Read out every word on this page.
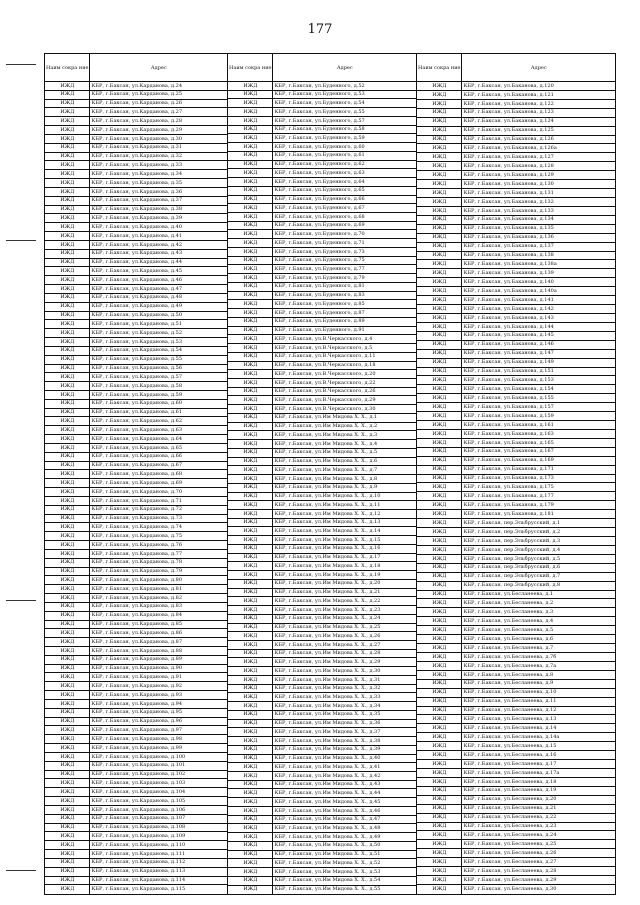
177
Наим сокра ние	Адрес
ИЖД	КБР, г.Баксан, ул.Карданова, д.24
ИЖД	КБР, г.Баксан, ул.Карданова, д.25
ИЖД	КБР, г.Баксан, ул.Карданова, д.26
ИЖД	КБР, г.Баксан, ул.Карданова, д.27
ИЖД	КБР, г.Баксан, ул.Карданова, д.28
ИЖД	КБР, г.Баксан, ул.Карданова, д.29
ИЖД	КБР, г.Баксан, ул.Карданова, д.30
ИЖД	КБР, г.Баксан, ул.Карданова, д.31
ИЖД	КБР, г.Баксан, ул.Карданова, д.32
ИЖД	КБР, г.Баксан, ул.Карданова, д.33
ИЖД	КБР, г.Баксан, ул.Карданова, д.34
ИЖД	КБР, г.Баксан, ул.Карданова, д.35
ИЖД	КБР, г.Баксан, ул.Карданова, д.36
ИЖД	КБР, г.Баксан, ул.Карданова, д.37
ИЖД	КБР, г.Баксан, ул.Карданова, д.38
ИЖД	КБР, г.Баксан, ул.Карданова, д.39
ИЖД	КБР, г.Баксан, ул.Карданова, д.40
ИЖД	КБР, г.Баксан, ул.Карданова, д.41
ИЖД	КБР, г.Баксан, ул.Карданова, д.42
ИЖД	КБР, г.Баксан, ул.Карданова, д.43
ИЖД	КБР, г.Баксан, ул.Карданова, д.44
ИЖД	КБР, г.Баксан, ул.Карданова, д.45
ИЖД	КБР, г.Баксан, ул.Карданова, д.46
ИЖД	КБР, г.Баксан, ул.Карданова, д.47
ИЖД	КБР, г.Баксан, ул.Карданова, д.48
ИЖД	КБР, г.Баксан, ул.Карданова, д.49
ИЖД	КБР, г.Баксан, ул.Карданова, д.50
ИЖД	КБР, г.Баксан, ул.Карданова, д.51
ИЖД	КБР, г.Баксан, ул.Карданова, д.52
ИЖД	КБР, г.Баксан, ул.Карданова, д.53
ИЖД	КБР, г.Баксан, ул.Карданова, д.54
ИЖД	КБР, г.Баксан, ул.Карданова, д.55
ИЖД	КБР, г.Баксан, ул.Карданова, д.56
ИЖД	КБР, г.Баксан, ул.Карданова, д.57
ИЖД	КБР, г.Баксан, ул.Карданова, д.58
ИЖД	КБР, г.Баксан, ул.Карданова, д.59
ИЖД	КБР, г.Баксан, ул.Карданова, д.60
ИЖД	КБР, г.Баксан, ул.Карданова, д.61
ИЖД	КБР, г.Баксан, ул.Карданова, д.62
ИЖД	КБР, г.Баксан, ул.Карданова, д.63
ИЖД	КБР, г.Баксан, ул.Карданова, д.64
ИЖД	КБР, г.Баксан, ул.Карданова, д.65
ИЖД	КБР, г.Баксан, ул.Карданова, д.66
ИЖД	КБР, г.Баксан, ул.Карданова, д.67
ИЖД	КБР, г.Баксан, ул.Карданова, д.68
ИЖД	КБР, г.Баксан, ул.Карданова, д.69
ИЖД	КБР, г.Баксан, ул.Карданова, д.70
ИЖД	КБР, г.Баксан, ул.Карданова, д.71
ИЖД	КБР, г.Баксан, ул.Карданова, д.72
ИЖД	КБР, г.Баксан, ул.Карданова, д.73
ИЖД	КБР, г.Баксан, ул.Карданова, д.74
ИЖД	КБР, г.Баксан, ул.Карданова, д.75
ИЖД	КБР, г.Баксан, ул.Карданова, д.76
ИЖД	КБР, г.Баксан, ул.Карданова, д.77
ИЖД	КБР, г.Баксан, ул.Карданова, д.78
ИЖД	КБР, г.Баксан, ул.Карданова, д.79
ИЖД	КБР, г.Баксан, ул.Карданова, д.80
ИЖД	КБР, г.Баксан, ул.Карданова, д.81
ИЖД	КБР, г.Баксан, ул.Карданова, д.82
ИЖД	КБР, г.Баксан, ул.Карданова, д.83
ИЖД	КБР, г.Баксан, ул.Карданова, д.84
ИЖД	КБР, г.Баксан, ул.Карданова, д.85
ИЖД	КБР, г.Баксан, ул.Карданова, д.86
ИЖД	КБР, г.Баксан, ул.Карданова, д.87
ИЖД	КБР, г.Баксан, ул.Карданова, д.88
ИЖД	КБР, г.Баксан, ул.Карданова, д.89
ИЖД	КБР, г.Баксан, ул.Карданова, д.90
ИЖД	КБР, г.Баксан, ул.Карданова, д.91
ИЖД	КБР, г.Баксан, ул.Карданова, д.92
ИЖД	КБР, г.Баксан, ул.Карданова, д.93
ИЖД	КБР, г.Баксан, ул.Карданова, д.94
ИЖД	КБР, г.Баксан, ул.Карданова, д.95
ИЖД	КБР, г.Баксан, ул.Карданова, д.96
ИЖД	КБР, г.Баксан, ул.Карданова, д.97
ИЖД	КБР, г.Баксан, ул.Карданова, д.98
ИЖД	КБР, г.Баксан, ул.Карданова, д.99
ИЖД	КБР, г.Баксан, ул.Карданова, д.100
ИЖД	КБР, г.Баксан, ул.Карданова, д.101
ИЖД	КБР, г.Баксан, ул.Карданова, д.102
ИЖД	КБР, г.Баксан, ул.Карданова, д.103
ИЖД	КБР, г.Баксан, ул.Карданова, д.104
ИЖД	КБР, г.Баксан, ул.Карданова, д.105
ИЖД	КБР, г.Баксан, ул.Карданова, д.106
ИЖД	КБР, г.Баксан, ул.Карданова, д.107
ИЖД	КБР, г.Баксан, ул.Карданова, д.108
ИЖД	КБР, г.Баксан, ул.Карданова, д.109
ИЖД	КБР, г.Баксан, ул.Карданова, д.110
ИЖД	КБР, г.Баксан, ул.Карданова, д.111
ИЖД	КБР, г.Баксан, ул.Карданова, д.112
ИЖД	КБР, г.Баксан, ул.Карданова, д.113
ИЖД	КБР, г.Баксан, ул.Карданова, д.114
ИЖД	КБР, г.Баксан, ул.Карданова, д.115
Наим сокра ние	Адрес
ИЖД	КБР, г.Баксан, ул.Буденного, д.52
ИЖД	КБР, г.Баксан, ул.Буденного, д.53
ИЖД	КБР, г.Баксан, ул.Буденного, д.54
ИЖД	КБР, г.Баксан, ул.Буденного, д.55
ИЖД	КБР, г.Баксан, ул.Буденного, д.57
ИЖД	КБР, г.Баксан, ул.Буденного, д.58
ИЖД	КБР, г.Баксан, ул.Буденного, д.59
ИЖД	КБР, г.Баксан, ул.Буденного, д.60
ИЖД	КБР, г.Баксан, ул.Буденного, д.61
ИЖД	КБР, г.Баксан, ул.Буденного, д.62
ИЖД	КБР, г.Баксан, ул.Буденного, д.63
ИЖД	КБР, г.Баксан, ул.Буденного, д.64
ИЖД	КБР, г.Баксан, ул.Буденного, д.65
ИЖД	КБР, г.Баксан, ул.Буденного, д.66
ИЖД	КБР, г.Баксан, ул.Буденного, д.67
ИЖД	КБР, г.Баксан, ул.Буденного, д.68
ИЖД	КБР, г.Баксан, ул.Буденного, д.69
ИЖД	КБР, г.Баксан, ул.Буденного, д.70
ИЖД	КБР, г.Баксан, ул.Буденного, д.71
ИЖД	КБР, г.Баксан, ул.Буденного, д.73
ИЖД	КБР, г.Баксан, ул.Буденного, д.75
ИЖД	КБР, г.Баксан, ул.Буденного, д.77
ИЖД	КБР, г.Баксан, ул.Буденного, д.79
ИЖД	КБР, г.Баксан, ул.Буденного, д.81
ИЖД	КБР, г.Баксан, ул.Буденного, д.83
ИЖД	КБР, г.Баксан, ул.Буденного, д.85
ИЖД	КБР, г.Баксан, ул.Буденного, д.87
ИЖД	КБР, г.Баксан, ул.Буденного, д.89
ИЖД	КБР, г.Баксан, ул.Буденного, д.91
ИЖД	КБР, г.Баксан, ул.В.Черкасского, д.4
ИЖД	КБР, г.Баксан, ул.В.Черкасского, д.5
ИЖД	КБР, г.Баксан, ул.В.Черкасского, д.11
ИЖД	КБР, г.Баксан, ул.В.Черкасского, д.18
ИЖД	КБР, г.Баксан, ул.В.Черкасского, д.20
ИЖД	КБР, г.Баксан, ул.В.Черкасского, д.22
ИЖД	КБР, г.Баксан, ул.В.Черкасского, д.26
ИЖД	КБР, г.Баксан, ул.В.Черкасского, д.29
ИЖД	КБР, г.Баксан, ул.В.Черкасского, д.30
ИЖД	КБР, г.Баксан, ул.Им Мидова Х. Х., д.1
ИЖД	КБР, г.Баксан, ул.Им Мидова Х. Х., д.2
ИЖД	КБР, г.Баксан, ул.Им Мидова Х. Х., д.3
ИЖД	КБР, г.Баксан, ул.Им Мидова Х. Х., д.4
ИЖД	КБР, г.Баксан, ул.Им Мидова Х. Х., д.5
ИЖД	КБР, г.Баксан, ул.Им Мидова Х. Х., д.6
ИЖД	КБР, г.Баксан, ул.Им Мидова Х. Х., д.7
ИЖД	КБР, г.Баксан, ул.Им Мидова Х. Х., д.8
ИЖД	КБР, г.Баксан, ул.Им Мидова Х. Х., д.9
ИЖД	КБР, г.Баксан, ул.Им Мидова Х. Х., д.10
ИЖД	КБР, г.Баксан, ул.Им Мидова Х. Х., д.11
ИЖД	КБР, г.Баксан, ул.Им Мидова Х. Х., д.12
ИЖД	КБР, г.Баксан, ул.Им Мидова Х. Х., д.13
ИЖД	КБР, г.Баксан, ул.Им Мидова Х. Х., д.14
ИЖД	КБР, г.Баксан, ул.Им Мидова Х. Х., д.15
ИЖД	КБР, г.Баксан, ул.Им Мидова Х. Х., д.16
ИЖД	КБР, г.Баксан, ул.Им Мидова Х. Х., д.17
ИЖД	КБР, г.Баксан, ул.Им Мидова Х. Х., д.18
ИЖД	КБР, г.Баксан, ул.Им Мидова Х. Х., д.19
ИЖД	КБР, г.Баксан, ул.Им Мидова Х. Х., д.20
ИЖД	КБР, г.Баксан, ул.Им Мидова Х. Х., д.21
ИЖД	КБР, г.Баксан, ул.Им Мидова Х. Х., д.22
ИЖД	КБР, г.Баксан, ул.Им Мидова Х. Х., д.23
ИЖД	КБР, г.Баксан, ул.Им Мидова Х. Х., д.24
ИЖД	КБР, г.Баксан, ул.Им Мидова Х. Х., д.25
ИЖД	КБР, г.Баксан, ул.Им Мидова Х. Х., д.26
ИЖД	КБР, г.Баксан, ул.Им Мидова Х. Х., д.27
ИЖД	КБР, г.Баксан, ул.Им Мидова Х. Х., д.28
ИЖД	КБР, г.Баксан, ул.Им Мидова Х. Х., д.29
ИЖД	КБР, г.Баксан, ул.Им Мидова Х. Х., д.30
ИЖД	КБР, г.Баксан, ул.Им Мидова Х. Х., д.31
ИЖД	КБР, г.Баксан, ул.Им Мидова Х. Х., д.32
ИЖД	КБР, г.Баксан, ул.Им Мидова Х. Х., д.33
ИЖД	КБР, г.Баксан, ул.Им Мидова Х. Х., д.34
ИЖД	КБР, г.Баксан, ул.Им Мидова Х. Х., д.35
ИЖД	КБР, г.Баксан, ул.Им Мидова Х. Х., д.36
ИЖД	КБР, г.Баксан, ул.Им Мидова Х. Х., д.37
ИЖД	КБР, г.Баксан, ул.Им Мидова Х. Х., д.38
ИЖД	КБР, г.Баксан, ул.Им Мидова Х. Х., д.39
ИЖД	КБР, г.Баксан, ул.Им Мидова Х. Х., д.40
ИЖД	КБР, г.Баксан, ул.Им Мидова Х. Х., д.41
ИЖД	КБР, г.Баксан, ул.Им Мидова Х. Х., д.42
ИЖД	КБР, г.Баксан, ул.Им Мидова Х. Х., д.43
ИЖД	КБР, г.Баксан, ул.Им Мидова Х. Х., д.44
ИЖД	КБР, г.Баксан, ул.Им Мидова Х. Х., д.45
ИЖД	КБР, г.Баксан, ул.Им Мидова Х. Х., д.46
ИЖД	КБР, г.Баксан, ул.Им Мидова Х. Х., д.47
ИЖД	КБР, г.Баксан, ул.Им Мидова Х. Х., д.48
ИЖД	КБР, г.Баксан, ул.Им Мидова Х. Х., д.49
ИЖД	КБР, г.Баксан, ул.Им Мидова Х. Х., д.50
ИЖД	КБР, г.Баксан, ул.Им Мидова Х. Х., д.51
ИЖД	КБР, г.Баксан, ул.Им Мидова Х. Х., д.52
ИЖД	КБР, г.Баксан, ул.Им Мидова Х. Х., д.53
ИЖД	КБР, г.Баксан, ул.Им Мидова Х. Х., д.54
ИЖД	КБР, г.Баксан, ул.Им Мидова Х. Х., д.55
Наим сокра ние	Адрес
ИЖД	КБР, г.Баксан, ул.Баканова, д.120
ИЖД	КБР, г.Баксан, ул.Баканова, д.121
ИЖД	КБР, г.Баксан, ул.Баканова, д.122
ИЖД	КБР, г.Баксан, ул.Баканова, д.123
ИЖД	КБР, г.Баксан, ул.Баканова, д.124
ИЖД	КБР, г.Баксан, ул.Баканова, д.125
ИЖД	КБР, г.Баксан, ул.Баканова, д.126
ИЖД	КБР, г.Баксан, ул.Баканова, д.126а
ИЖД	КБР, г.Баксан, ул.Баканова, д.127
ИЖД	КБР, г.Баксан, ул.Баканова, д.128
ИЖД	КБР, г.Баксан, ул.Баканова, д.129
ИЖД	КБР, г.Баксан, ул.Баканова, д.130
ИЖД	КБР, г.Баксан, ул.Баканова, д.131
ИЖД	КБР, г.Баксан, ул.Баканова, д.132
ИЖД	КБР, г.Баксан, ул.Баканова, д.133
ИЖД	КБР, г.Баксан, ул.Баканова, д.134
ИЖД	КБР, г.Баксан, ул.Баканова, д.135
ИЖД	КБР, г.Баксан, ул.Баканова, д.136
ИЖД	КБР, г.Баксан, ул.Баканова, д.137
ИЖД	КБР, г.Баксан, ул.Баканова, д.138
ИЖД	КБР, г.Баксан, ул.Баканова, д.138а
ИЖД	КБР, г.Баксан, ул.Баканова, д.139
ИЖД	КБР, г.Баксан, ул.Баканова, д.140
ИЖД	КБР, г.Баксан, ул.Баканова, д.140а
ИЖД	КБР, г.Баксан, ул.Баканова, д.141
ИЖД	КБР, г.Баксан, ул.Баканова, д.142
ИЖД	КБР, г.Баксан, ул.Баканова, д.143
ИЖД	КБР, г.Баксан, ул.Баканова, д.144
ИЖД	КБР, г.Баксан, ул.Баканова, д.145
ИЖД	КБР, г.Баксан, ул.Баканова, д.146
ИЖД	КБР, г.Баксан, ул.Баканова, д.147
ИЖД	КБР, г.Баксан, ул.Баканова, д.149
ИЖД	КБР, г.Баксан, ул.Баканова, д.151
ИЖД	КБР, г.Баксан, ул.Баканова, д.153
ИЖД	КБР, г.Баксан, ул.Баканова, д.154
ИЖД	КБР, г.Баксан, ул.Баканова, д.155
ИЖД	КБР, г.Баксан, ул.Баканова, д.157
ИЖД	КБР, г.Баксан, ул.Баканова, д.159
ИЖД	КБР, г.Баксан, ул.Баканова, д.161
ИЖД	КБР, г.Баксан, ул.Баканова, д.163
ИЖД	КБР, г.Баксан, ул.Баканова, д.165
ИЖД	КБР, г.Баксан, ул.Баканова, д.167
ИЖД	КБР, г.Баксан, ул.Баканова, д.169
ИЖД	КБР, г.Баксан, ул.Баканова, д.171
ИЖД	КБР, г.Баксан, ул.Баканова, д.173
ИЖД	КБР, г.Баксан, ул.Баканова, д.175
ИЖД	КБР, г.Баксан, ул.Баканова, д.177
ИЖД	КБР, г.Баксан, ул.Баканова, д.179
ИЖД	КБР, г.Баксан, ул.Баканова, д.181
ИЖД	КБР, г.Баксан, пер.Эльбрусский, д.1
ИЖД	КБР, г.Баксан, пер.Эльбрусский, д.2
ИЖД	КБР, г.Баксан, пер.Эльбрусский, д.3
ИЖД	КБР, г.Баксан, пер.Эльбрусский, д.4
ИЖД	КБР, г.Баксан, пер.Эльбрусский, д.5
ИЖД	КБР, г.Баксан, пер.Эльбрусский, д.6
ИЖД	КБР, г.Баксан, пер.Эльбрусский, д.7
ИЖД	КБР, г.Баксан, пер.Эльбрусский, д.8
ИЖД	КБР, г.Баксан, ул.Бесланеева, д.1
ИЖД	КБР, г.Баксан, ул.Бесланеева, д.2
ИЖД	КБР, г.Баксан, ул.Бесланеева, д.3
ИЖД	КБР, г.Баксан, ул.Бесланеева, д.4
ИЖД	КБР, г.Баксан, ул.Бесланеева, д.5
ИЖД	КБР, г.Баксан, ул.Бесланеева, д.6
ИЖД	КБР, г.Баксан, ул.Бесланеева, д.7
ИЖД	КБР, г.Баксан, ул.Бесланеева, д.7б
ИЖД	КБР, г.Баксан, ул.Бесланеева, д.7а
ИЖД	КБР, г.Баксан, ул.Бесланеева, д.8
ИЖД	КБР, г.Баксан, ул.Бесланеева, д.9
ИЖД	КБР, г.Баксан, ул.Бесланеева, д.10
ИЖД	КБР, г.Баксан, ул.Бесланеева, д.11
ИЖД	КБР, г.Баксан, ул.Бесланеева, д.12
ИЖД	КБР, г.Баксан, ул.Бесланеева, д.13
ИЖД	КБР, г.Баксан, ул.Бесланеева, д.14
ИЖД	КБР, г.Баксан, ул.Бесланеева, д.14а
ИЖД	КБР, г.Баксан, ул.Бесланеева, д.15
ИЖД	КБР, г.Баксан, ул.Бесланеева, д.16
ИЖД	КБР, г.Баксан, ул.Бесланеева, д.17
ИЖД	КБР, г.Баксан, ул.Бесланеева, д.17а
ИЖД	КБР, г.Баксан, ул.Бесланеева, д.18
ИЖД	КБР, г.Баксан, ул.Бесланеева, д.19
ИЖД	КБР, г.Баксан, ул.Бесланеева, д.20
ИЖД	КБР, г.Баксан, ул.Бесланеева, д.21
ИЖД	КБР, г.Баксан, ул.Бесланеева, д.22
ИЖД	КБР, г.Баксан, ул.Бесланеева, д.23
ИЖД	КБР, г.Баксан, ул.Бесланеева, д.24
ИЖД	КБР, г.Баксан, ул.Бесланеева, д.25
ИЖД	КБР, г.Баксан, ул.Бесланеева, д.26
ИЖД	КБР, г.Баксан, ул.Бесланеева, д.27
ИЖД	КБР, г.Баксан, ул.Бесланеева, д.28
ИЖД	КБР, г.Баксан, ул.Бесланеева, д.29
ИЖД	КБР, г.Баксан, ул.Бесланеева, д.30
